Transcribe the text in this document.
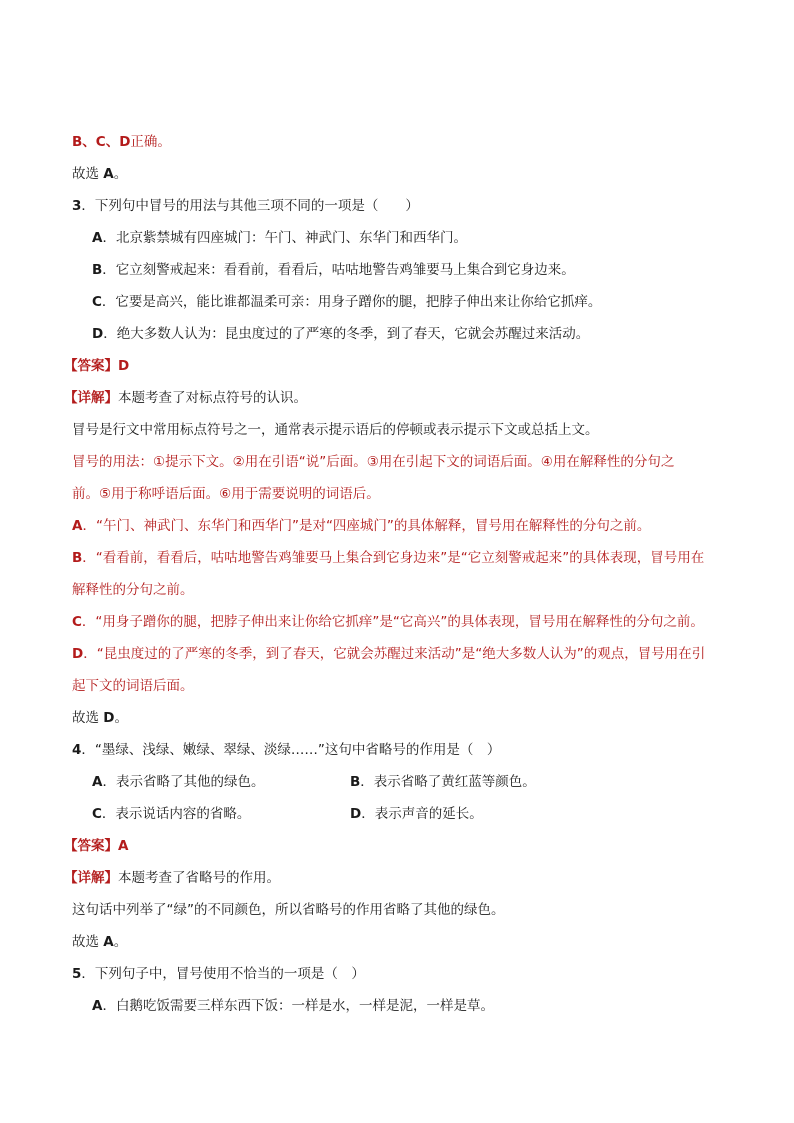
B、C、D正确。
故选 A。
3．下列句中冒号的用法与其他三项不同的一项是（　　）
A．北京紫禁城有四座城门：午门、神武门、东华门和西华门。
B．它立刻警戒起来：看看前，看看后，咕咕地警告鸡雏要马上集合到它身边来。
C．它要是高兴，能比谁都温柔可亲：用身子蹭你的腿，把脖子伸出来让你给它抓痒。
D．绝大多数人认为：昆虫度过的了严寒的冬季，到了春天，它就会苏醒过来活动。
【答案】D
【详解】本题考查了对标点符号的认识。
冒号是行文中常用标点符号之一，通常表示提示语后的停顿或表示提示下文或总括上文。
冒号的用法：①提示下文。②用在引语“说”后面。③用在引起下文的词语后面。④用在解释性的分句之
前。⑤用于称呼语后面。⑥用于需要说明的词语后。
A．“午门、神武门、东华门和西华门”是对“四座城门”的具体解释，冒号用在解释性的分句之前。
B．“看看前，看看后，咕咕地警告鸡雏要马上集合到它身边来”是“它立刻警戒起来”的具体表现，冒号用在
解释性的分句之前。
C．“用身子蹭你的腿，把脖子伸出来让你给它抓痒”是“它高兴”的具体表现，冒号用在解释性的分句之前。
D．“昆虫度过的了严寒的冬季，到了春天，它就会苏醒过来活动”是“绝大多数人认为”的观点，冒号用在引
起下文的词语后面。
故选 D。
4．“墨绿、浅绿、嫩绿、翠绿、淡绿……”这句中省略号的作用是（　）
A．表示省略了其他的绿色。	B．表示省略了黄红蓝等颜色。
C．表示说话内容的省略。	D．表示声音的延长。
【答案】A
【详解】本题考查了省略号的作用。
这句话中列举了“绿”的不同颜色，所以省略号的作用省略了其他的绿色。
故选 A。
5．下列句子中，冒号使用不恰当的一项是（　）
A．白鹅吃饭需要三样东西下饭：一样是水，一样是泥，一样是草。
